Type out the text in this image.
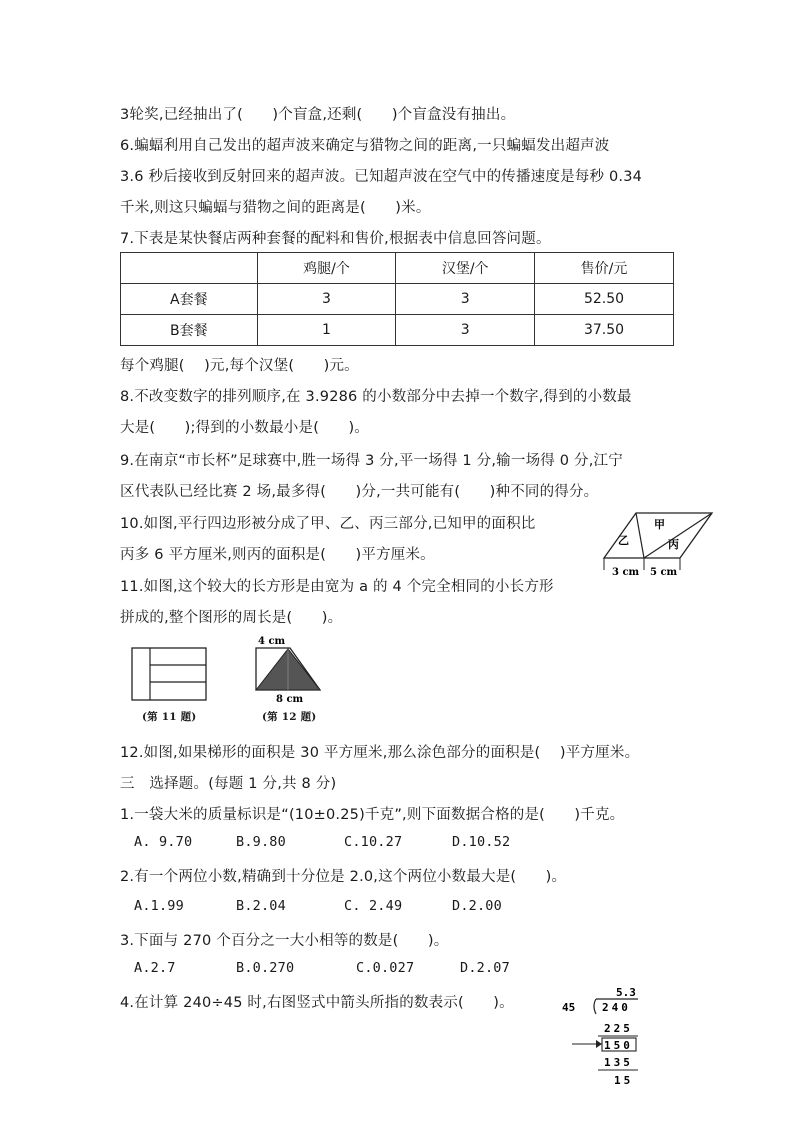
3轮奖,已经抽出了(　　)个盲盒,还剩(　　)个盲盒没有抽出。
6.蝙蝠利用自己发出的超声波来确定与猎物之间的距离,一只蝙蝠发出超声波
3.6 秒后接收到反射回来的超声波。已知超声波在空气中的传播速度是每秒 0.34
千米,则这只蝙蝠与猎物之间的距离是(　　)米。
7.下表是某快餐店两种套餐的配料和售价,根据表中信息回答问题。
	鸡腿/个	汉堡/个	售价/元
A套餐	3	3	52.50
B套餐	1	3	37.50
每个鸡腿(　 )元,每个汉堡(　　)元。
8.不改变数字的排列顺序,在 3.9286 的小数部分中去掉一个数字,得到的小数最
大是(　　);得到的小数最小是(　　)。
9.在南京“市长杯”足球赛中,胜一场得 3 分,平一场得 1 分,输一场得 0 分,江宁
区代表队已经比赛 2 场,最多得(　　)分,一共可能有(　　)种不同的得分。
10.如图,平行四边形被分成了甲、乙、丙三部分,已知甲的面积比
丙多 6 平方厘米,则丙的面积是(　　)平方厘米。
乙
甲
丙
3 cm 5 cm
11.如图,这个较大的长方形是由宽为 a 的 4 个完全相同的小长方形
拼成的,整个图形的周长是(　　)。
(第 11 题)
4 cm
8 cm
(第 12 题)
12.如图,如果梯形的面积是 30 平方厘米,那么涂色部分的面积是(　 )平方厘米。
三　选择题。(每题 1 分,共 8 分)
1.一袋大米的质量标识是“(10±0.25)千克”,则下面数据合格的是(　　)千克。
A. 9.70	B.9.80	C.10.27	D.10.52
2.有一个两位小数,精确到十分位是 2.0,这个两位小数最大是(　　)。
A.1.99	B.2.04	C. 2.49	D.2.00
3.下面与 270 个百分之一大小相等的数是(　　)。
A.2.7	B.0.270	C.0.027	D.2.07
4.在计算 240÷45 时,右图竖式中箭头所指的数表示(　　)。
5.3
45 240
225
150
135
15
